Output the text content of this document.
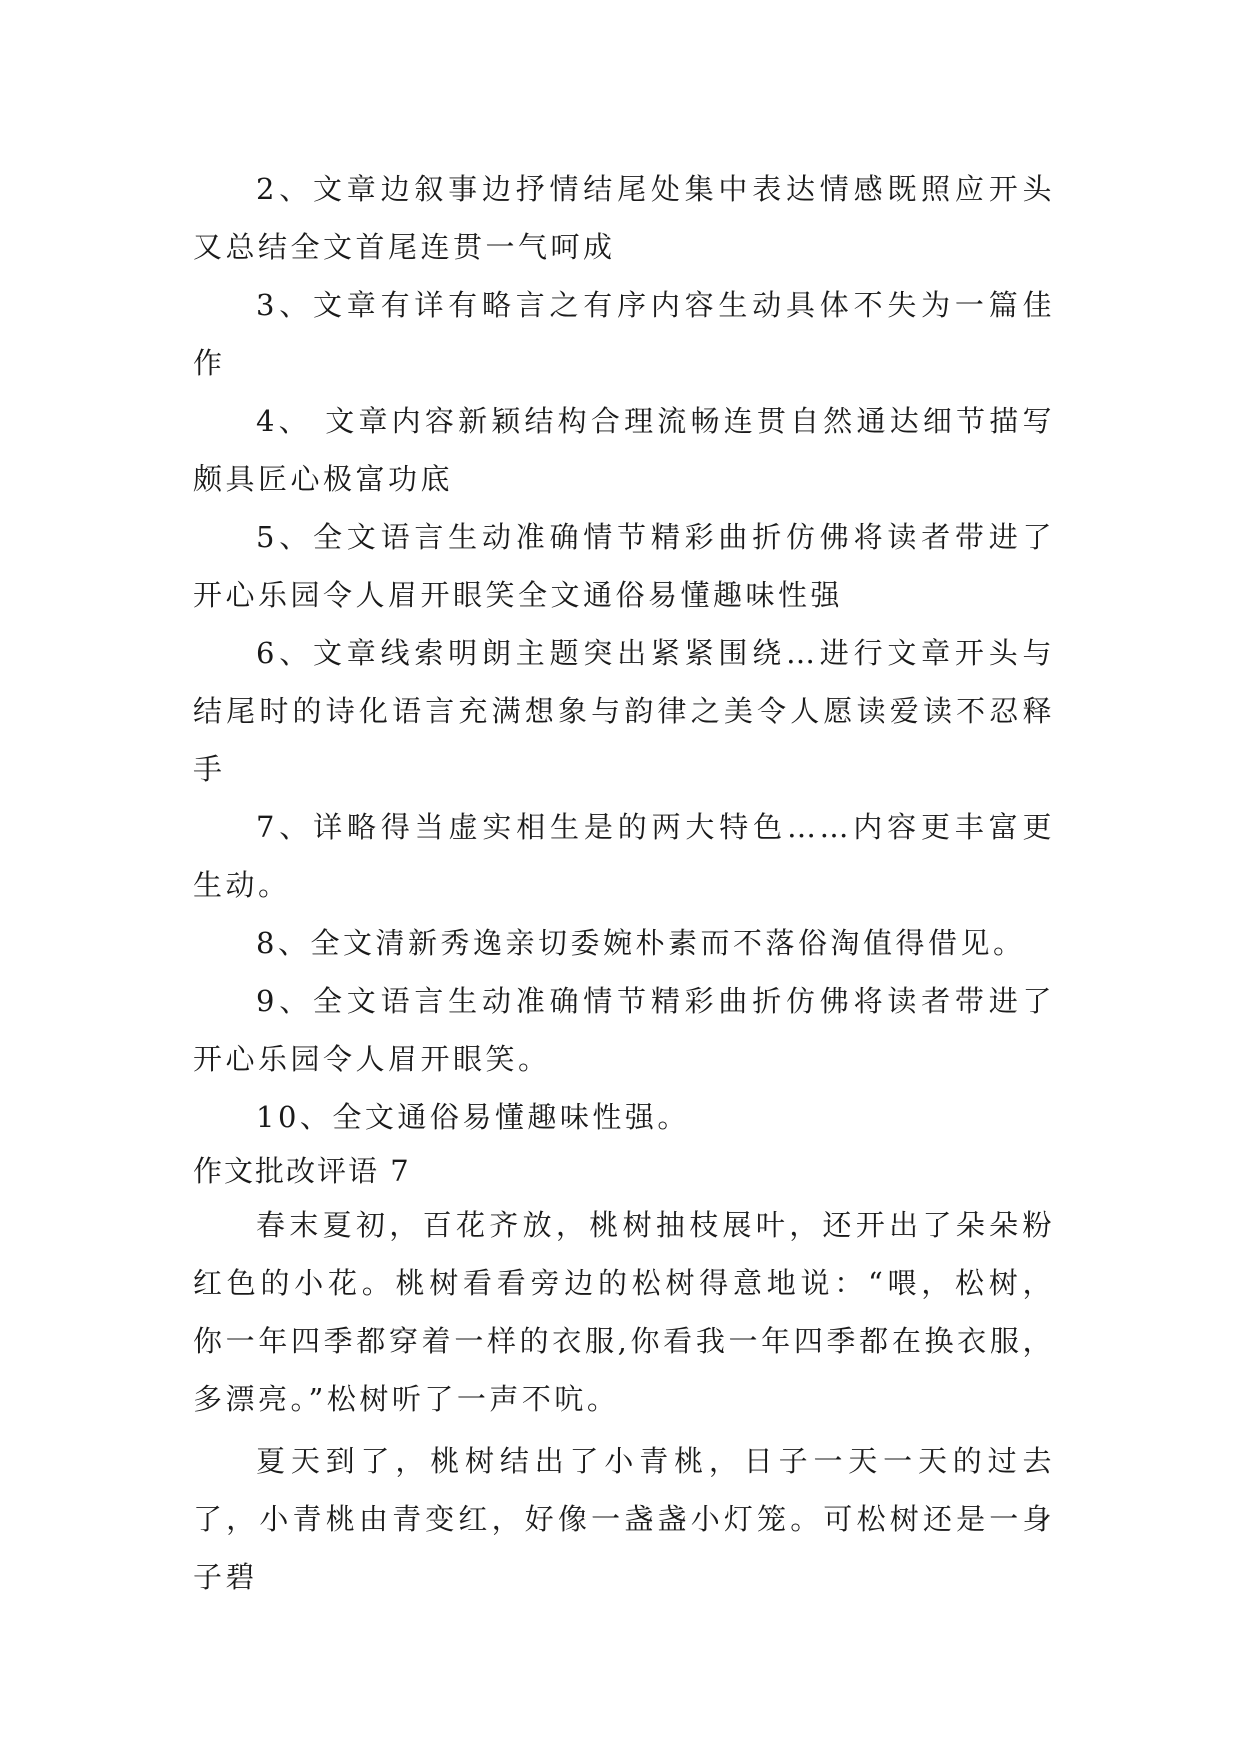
2、文章边叙事边抒情结尾处集中表达情感既照应开头又总结全文首尾连贯一气呵成

3、文章有详有略言之有序内容生动具体不失为一篇佳作

4、 文章内容新颖结构合理流畅连贯自然通达细节描写颇具匠心极富功底

5、全文语言生动准确情节精彩曲折仿佛将读者带进了开心乐园令人眉开眼笑全文通俗易懂趣味性强

6、文章线索明朗主题突出紧紧围绕…进行文章开头与结尾时的诗化语言充满想象与韵律之美令人愿读爱读不忍释手

7、详略得当虚实相生是的两大特色……内容更丰富更生动。

8、全文清新秀逸亲切委婉朴素而不落俗淘值得借见。

9、全文语言生动准确情节精彩曲折仿佛将读者带进了开心乐园令人眉开眼笑。

10、全文通俗易懂趣味性强。

作文批改评语 7

春末夏初，百花齐放，桃树抽枝展叶，还开出了朵朵粉红色的小花。桃树看看旁边的松树得意地说：“喂，松树，你一年四季都穿着一样的衣服,你看我一年四季都在换衣服，多漂亮。”松树听了一声不吭。

夏天到了，桃树结出了小青桃，日子一天一天的过去了，小青桃由青变红，好像一盏盏小灯笼。可松树还是一身子碧
